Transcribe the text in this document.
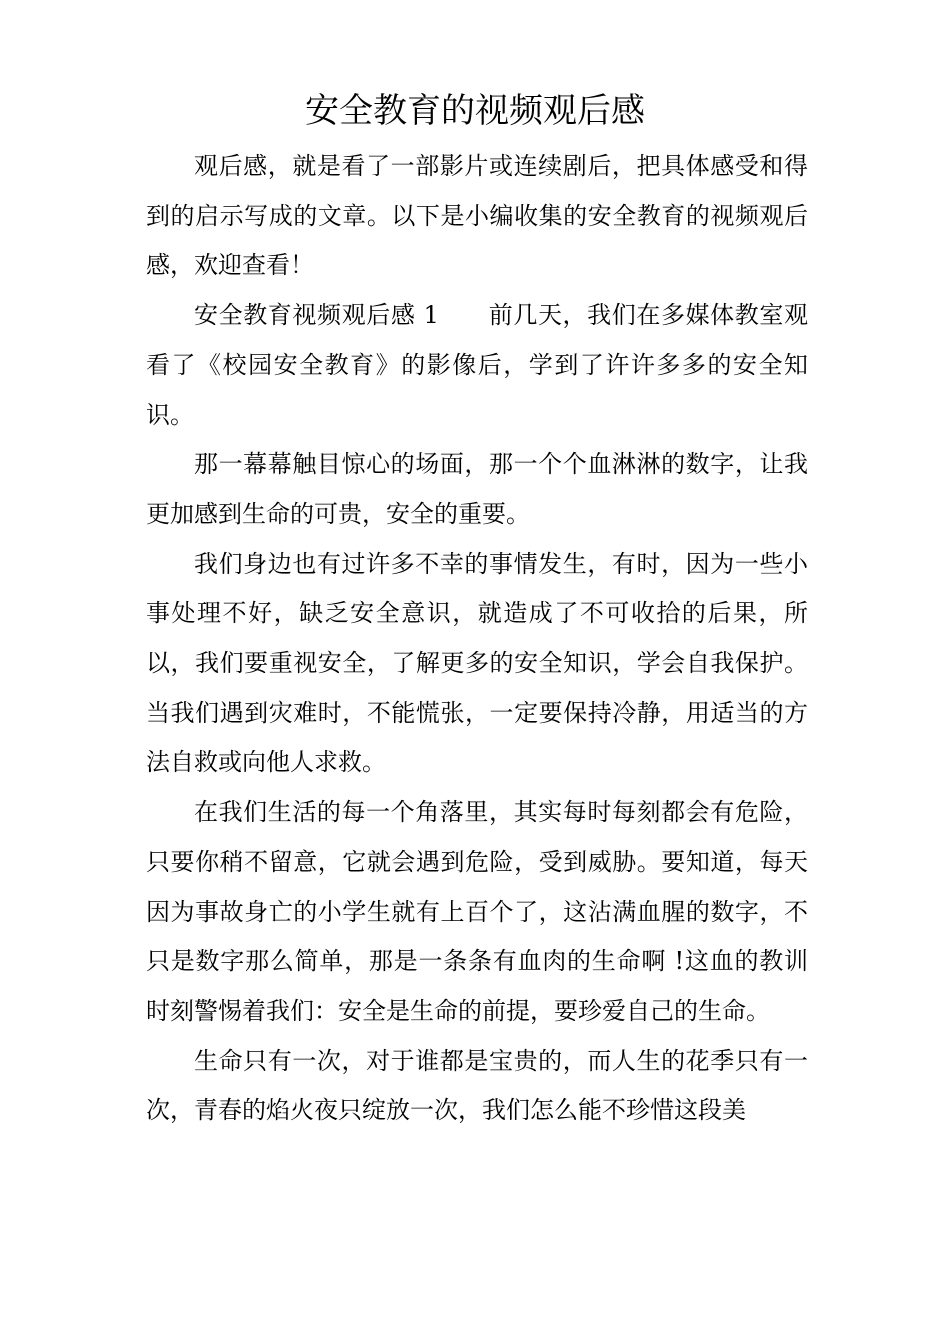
安全教育的视频观后感

观后感，就是看了一部影片或连续剧后，把具体感受和得到的启示写成的文章。以下是小编收集的安全教育的视频观后感，欢迎查看！

安全教育视频观后感 1　　前几天，我们在多媒体教室观看了《校园安全教育》的影像后，学到了许许多多的安全知识。

那一幕幕触目惊心的场面，那一个个血淋淋的数字，让我更加感到生命的可贵，安全的重要。

我们身边也有过许多不幸的事情发生，有时，因为一些小事处理不好，缺乏安全意识，就造成了不可收拾的后果，所以，我们要重视安全，了解更多的安全知识，学会自我保护。当我们遇到灾难时，不能慌张，一定要保持冷静，用适当的方法自救或向他人求救。

在我们生活的每一个角落里，其实每时每刻都会有危险，只要你稍不留意，它就会遇到危险，受到威胁。要知道，每天因为事故身亡的小学生就有上百个了，这沾满血腥的数字，不只是数字那么简单，那是一条条有血肉的生命啊 !这血的教训时刻警惕着我们：安全是生命的前提，要珍爱自己的生命。

生命只有一次，对于谁都是宝贵的，而人生的花季只有一次，青春的焰火夜只绽放一次，我们怎么能不珍惜这段美
